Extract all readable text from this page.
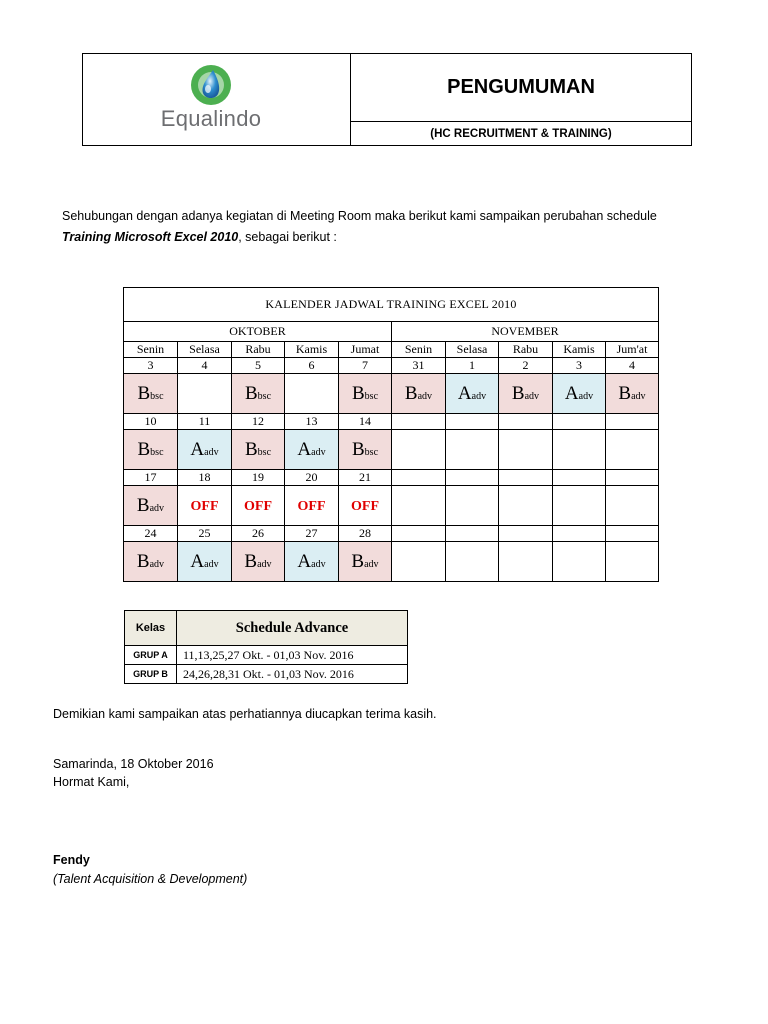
Equalindo
PENGUMUMAN
(HC RECRUITMENT & TRAINING)
Sehubungan dengan adanya kegiatan di Meeting Room maka berikut kami sampaikan perubahan schedule
Training Microsoft Excel 2010, sebagai berikut :
KALENDER JADWAL TRAINING EXCEL 2010									
OKTOBER					NOVEMBER				
Senin	Selasa	Rabu	Kamis	Jumat	Senin	Selasa	Rabu	Kamis	Jum'at
3	4	5	6	7	31	1	2	3	4
Bbsc		Bbsc		Bbsc	Badv	Aadv	Badv	Aadv	Badv
10	11	12	13	14					
Bbsc	Aadv	Bbsc	Aadv	Bbsc					
17	18	19	20	21					
Badv	OFF	OFF	OFF	OFF					
24	25	26	27	28					
Badv	Aadv	Badv	Aadv	Badv					
Kelas	Schedule Advance
GRUP A	11,13,25,27 Okt. - 01,03 Nov. 2016
GRUP B	24,26,28,31 Okt. - 01,03 Nov. 2016
Demikian kami sampaikan atas perhatiannya diucapkan terima kasih.
Samarinda, 18 Oktober 2016
Hormat Kami,
Fendy
(Talent Acquisition & Development)
